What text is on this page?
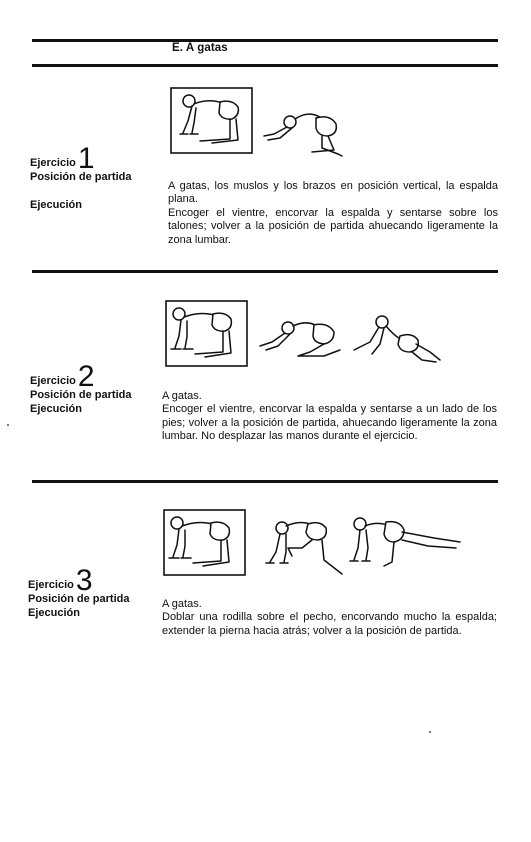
E. A gatas
Ejercicio1
Posición de partida
Ejecución

A gatas, los muslos y los brazos en posición vertical, la espalda plana.

Encoger el vientre, encorvar la espalda y sentarse sobre los talones; volver a la posición de partida ahuecando ligeramente la zona lumbar.

Ejercicio2
Posición de partida
Ejecución

A gatas.

Encoger el vientre, encorvar la espalda y sentarse a un lado de los pies; volver a la posición de partida, ahuecando ligeramente la zona lumbar. No desplazar las manos durante el ejercicio.

Ejercicio3
Posición de partida
Ejecución

A gatas.

Doblar una rodilla sobre el pecho, encorvando mucho la espalda; extender la pierna hacia atrás; volver a la posición de partida.
